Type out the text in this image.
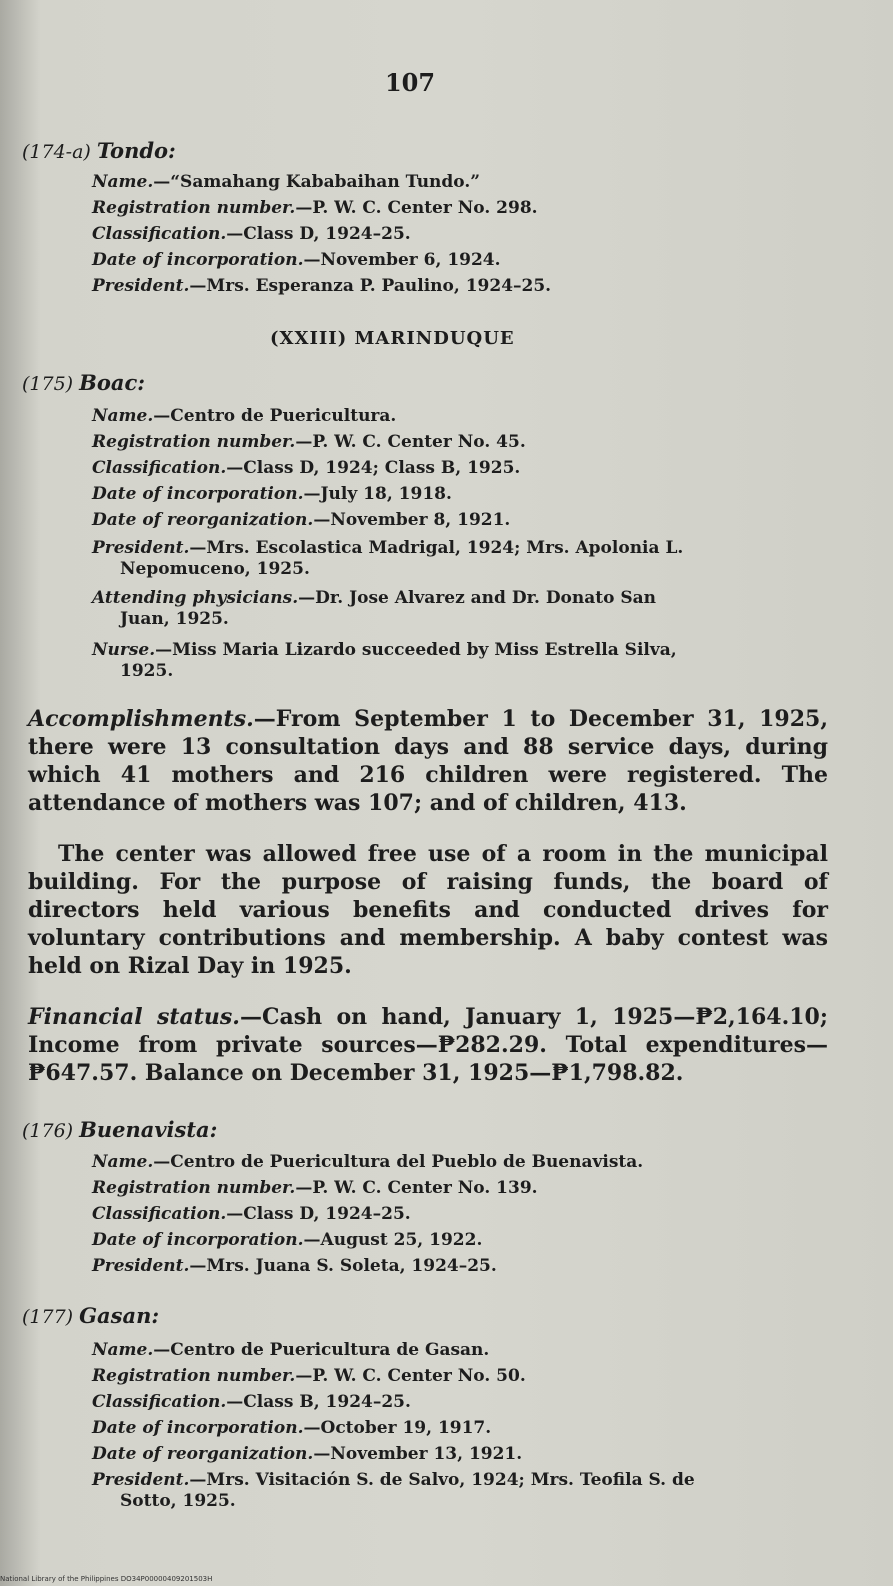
107
(174-a) Tondo:
Name.—“Samahang Kababaihan Tundo.”
Registration number.—P. W. C. Center No. 298.
Classification.—Class D, 1924–25.
Date of incorporation.—November 6, 1924.
President.—Mrs. Esperanza P. Paulino, 1924–25.
(XXIII) MARINDUQUE
(175) Boac:
Name.—Centro de Puericultura.
Registration number.—P. W. C. Center No. 45.
Classification.—Class D, 1924; Class B, 1925.
Date of incorporation.—July 18, 1918.
Date of reorganization.—November 8, 1921.
President.—Mrs. Escolastica Madrigal, 1924; Mrs. Apolonia L.
Nepomuceno, 1925.
Attending physicians.—Dr. Jose Alvarez and Dr. Donato San
Juan, 1925.
Nurse.—Miss Maria Lizardo succeeded by Miss Estrella Silva,
1925.
Accomplishments.—From September 1 to December 31, 1925, there were 13 consultation days and 88 service days, during which 41 mothers and 216 children were registered. The attendance of mothers was 107; and of children, 413.
The center was allowed free use of a room in the municipal building. For the purpose of raising funds, the board of directors held various benefits and conducted drives for voluntary contributions and membership. A baby contest was held on Rizal Day in 1925.
Financial status.—Cash on hand, January 1, 1925—₱2,164.10; Income from private sources—₱282.29. Total expenditures—₱647.57. Balance on December 31, 1925—₱1,798.82.
(176) Buenavista:
Name.—Centro de Puericultura del Pueblo de Buenavista.
Registration number.—P. W. C. Center No. 139.
Classification.—Class D, 1924–25.
Date of incorporation.—August 25, 1922.
President.—Mrs. Juana S. Soleta, 1924–25.
(177) Gasan:
Name.—Centro de Puericultura de Gasan.
Registration number.—P. W. C. Center No. 50.
Classification.—Class B, 1924–25.
Date of incorporation.—October 19, 1917.
Date of reorganization.—November 13, 1921.
President.—Mrs. Visitación S. de Salvo, 1924; Mrs. Teofila S. de
Sotto, 1925.
National Library of the Philippines DO34P00000409201503H
